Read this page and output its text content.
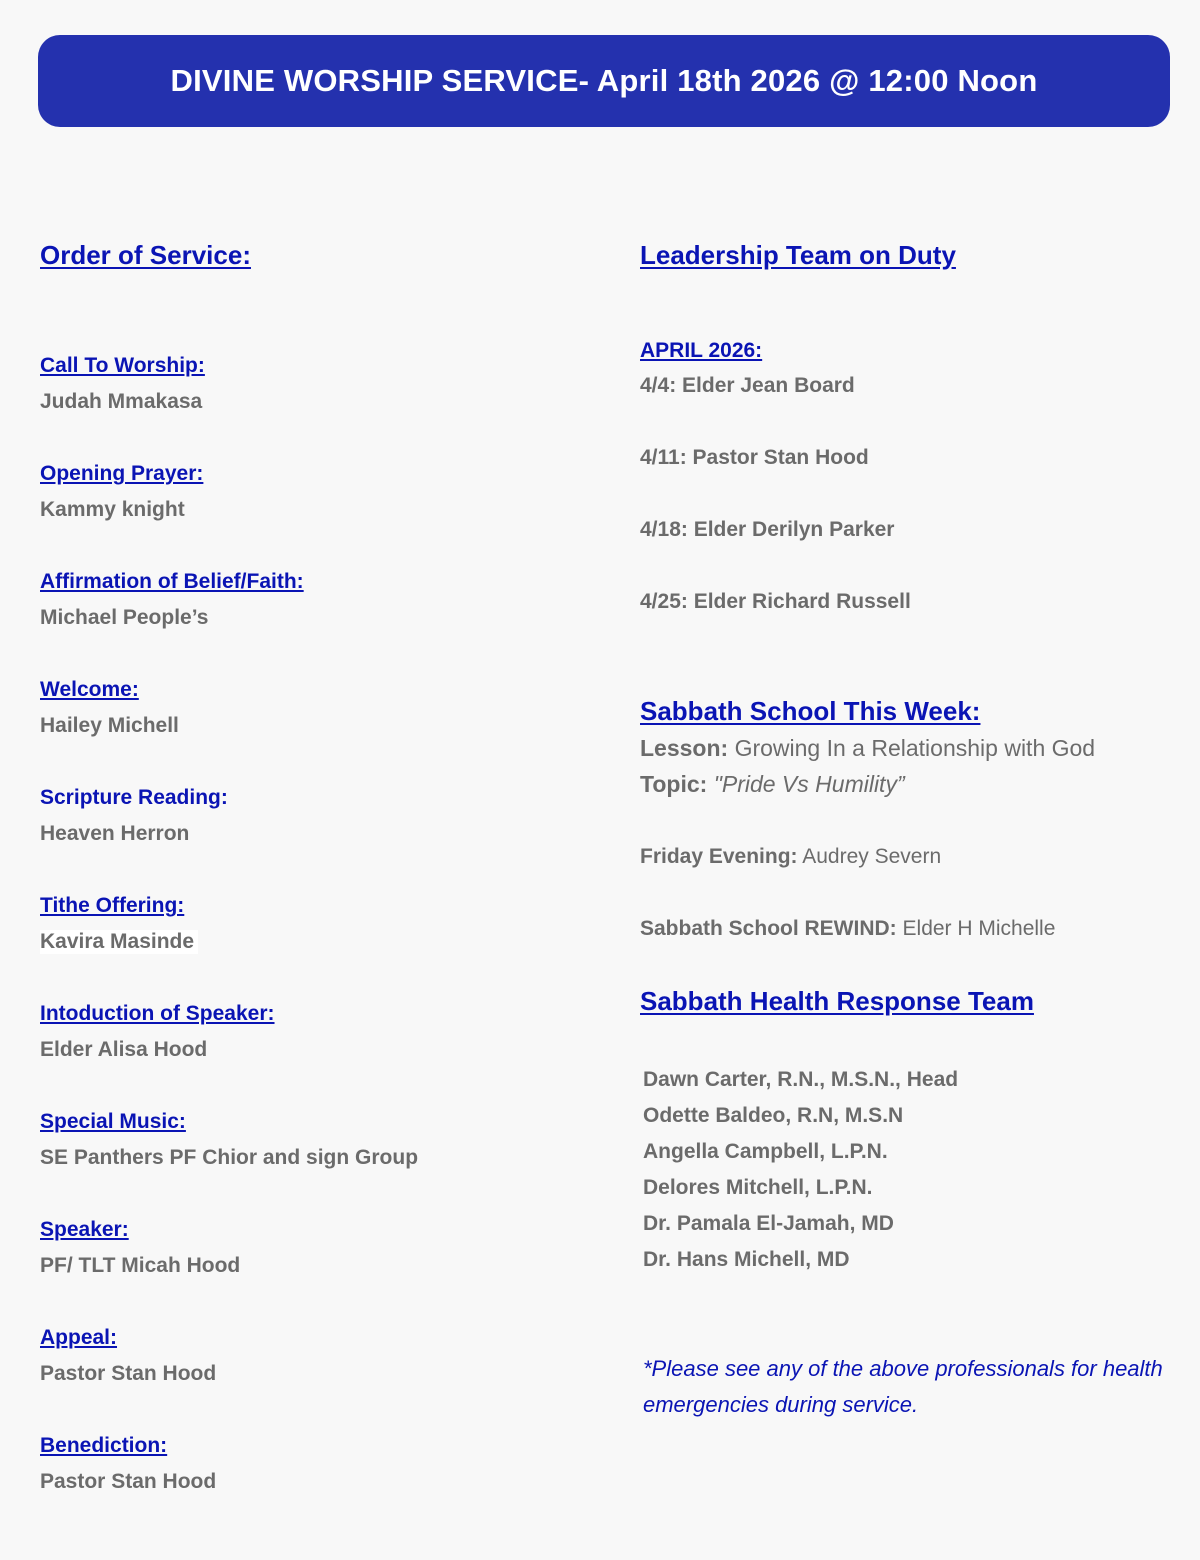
DIVINE WORSHIP SERVICE- April 18th 2026 @ 12:00 Noon
Order of Service:
Call To Worship:
Judah Mmakasa
Opening Prayer:
Kammy knight
Affirmation of Belief/Faith:
Michael People’s
Welcome:
Hailey Michell
Scripture Reading:
Heaven Herron
Tithe Offering:
Kavira Masinde
Intoduction of Speaker:
Elder Alisa Hood
Special Music:
SE Panthers PF Chior and sign Group
Speaker:
PF/ TLT Micah Hood
Appeal:
Pastor Stan Hood
Benediction:
Pastor Stan Hood
Leadership Team on Duty
APRIL 2026:
4/4: Elder Jean Board
4/11: Pastor Stan Hood
4/18: Elder Derilyn Parker
4/25: Elder Richard Russell
Sabbath School This Week:
Lesson: Growing In a Relationship with God
Topic: "Pride Vs Humility”
Friday Evening: Audrey Severn
Sabbath School REWIND: Elder H Michelle
Sabbath Health Response Team
Dawn Carter, R.N., M.S.N., Head
Odette Baldeo, R.N, M.S.N
Angella Campbell, L.P.N.
Delores Mitchell, L.P.N.
Dr. Pamala El-Jamah, MD
Dr. Hans Michell, MD
*Please see any of the above professionals for health emergencies during service.
